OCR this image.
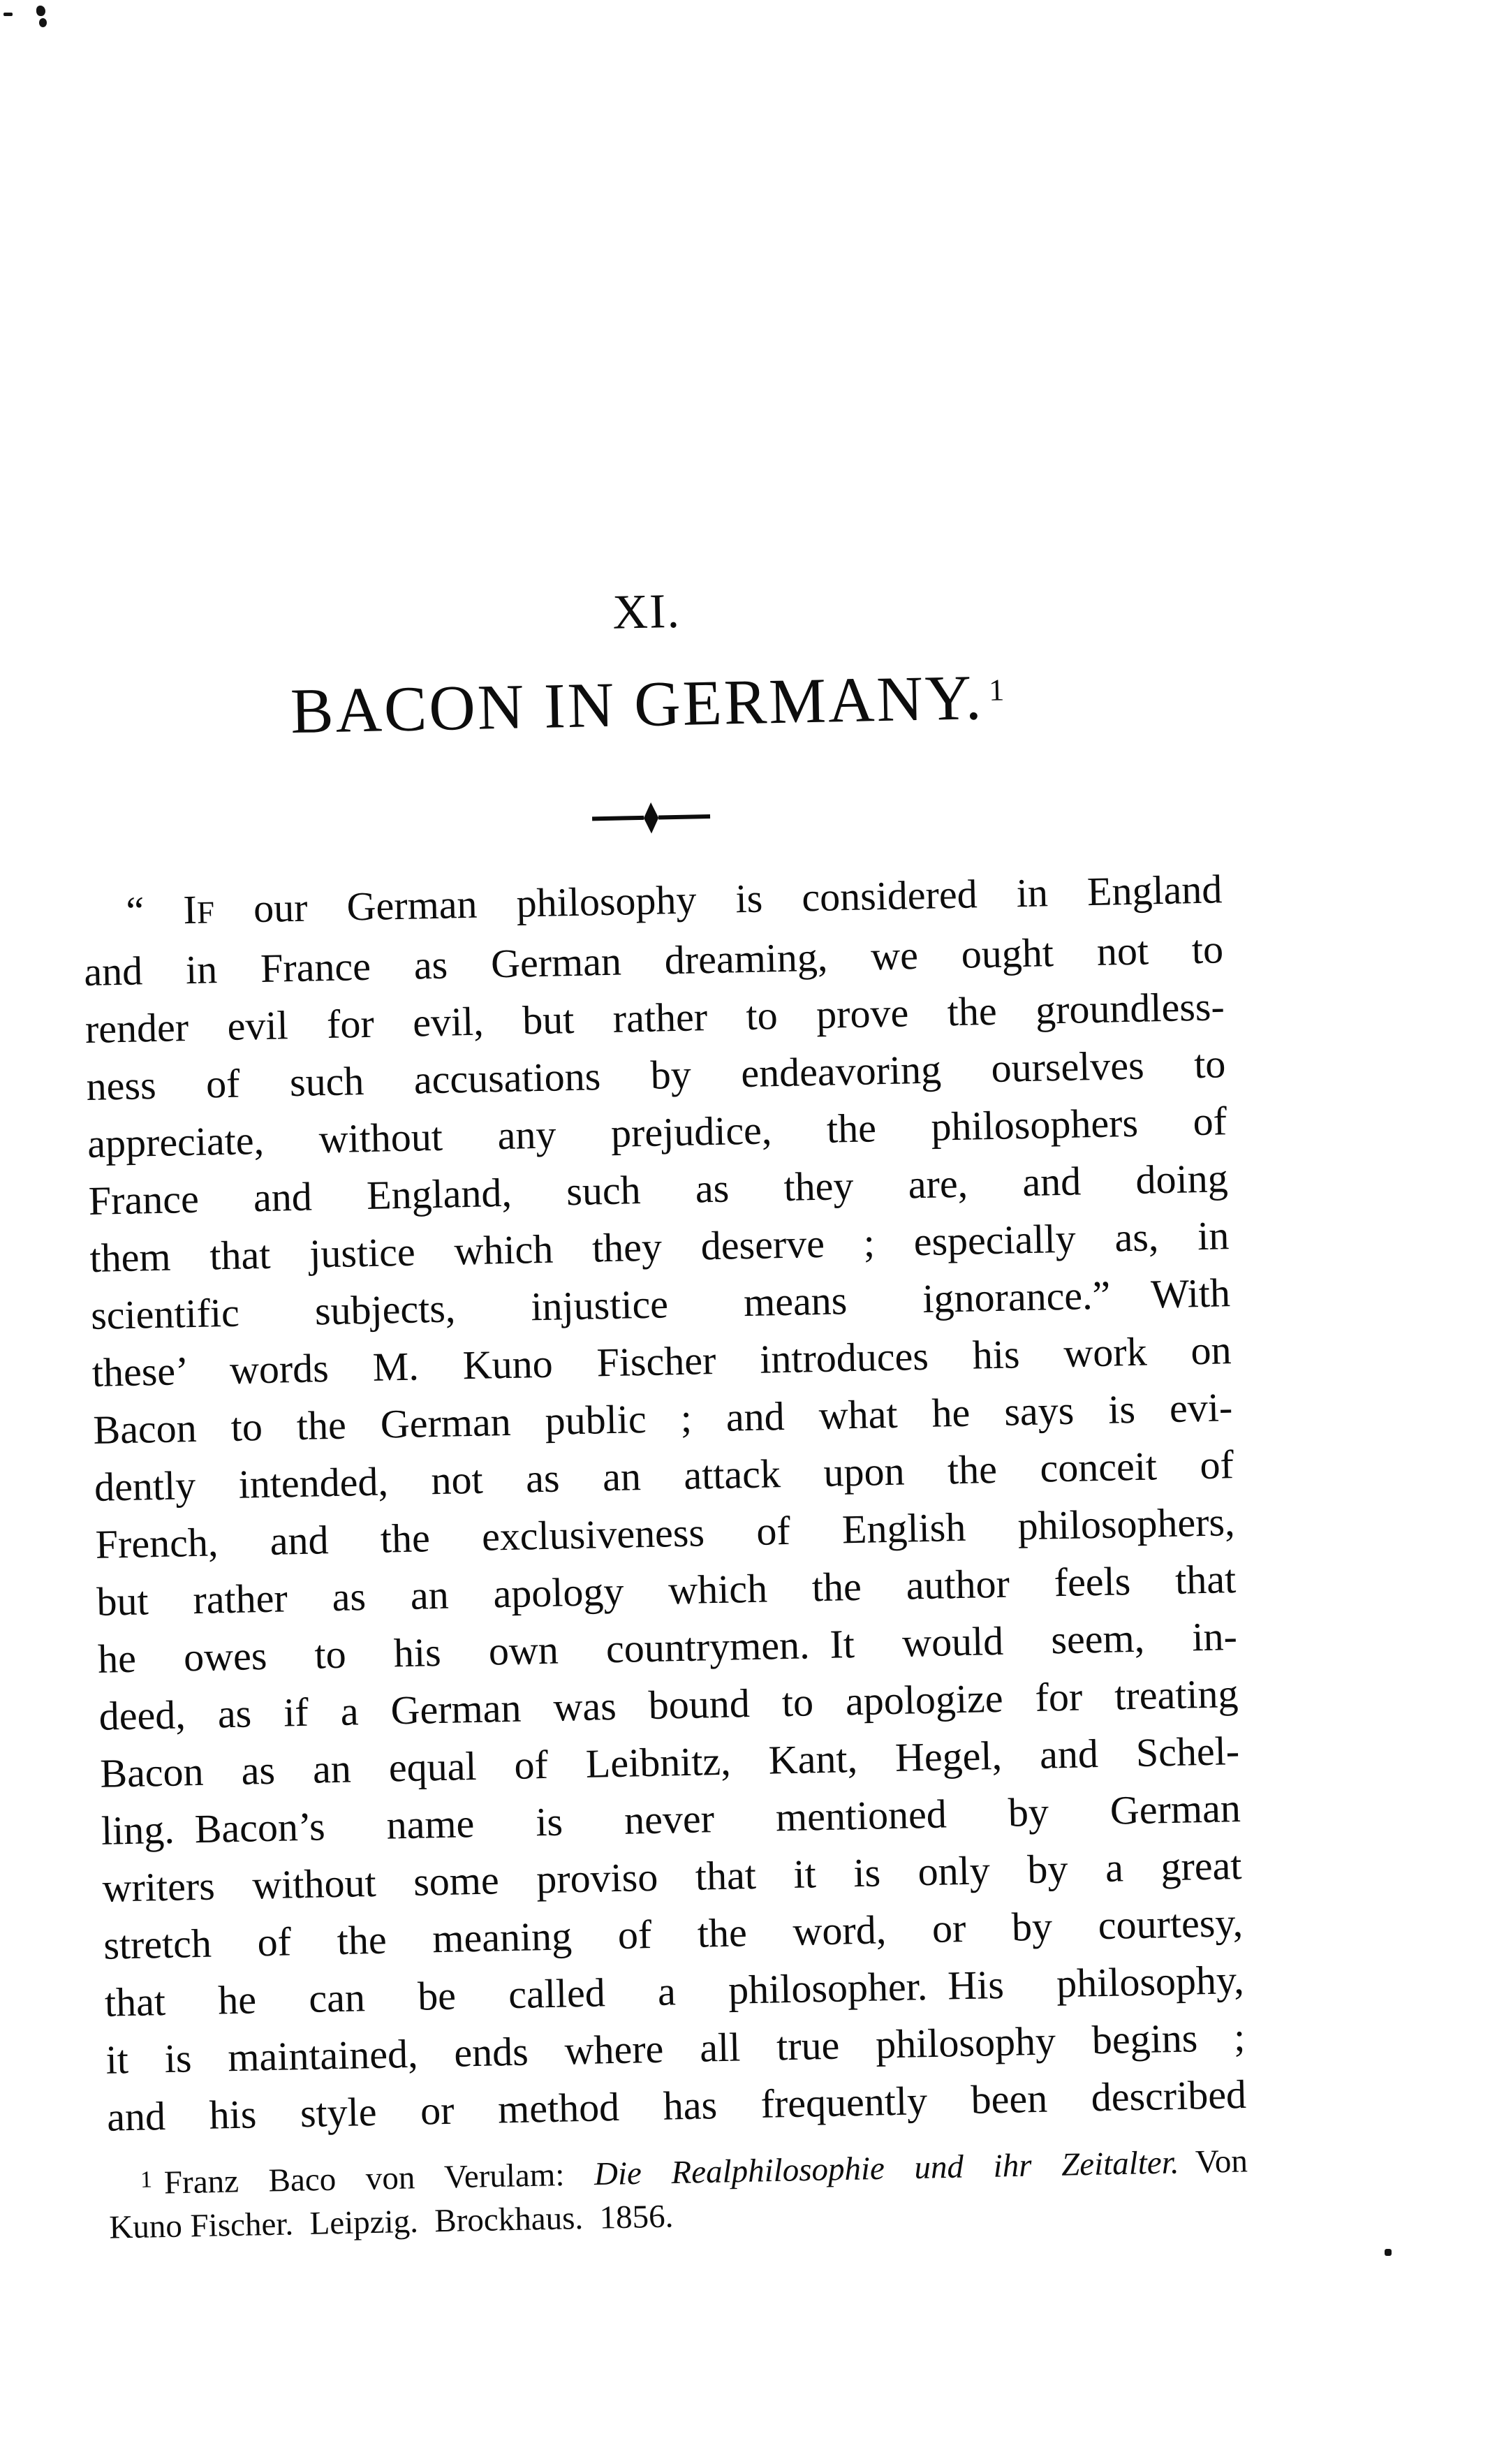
XI.
BACON IN GERMANY. $^1$
“ IF our German philosophy is considered in England
and in France as German dreaming, we ought not to
render evil for evil, but rather to prove the groundless-
ness of such accusations by endeavoring ourselves to
appreciate, without any prejudice, the philosophers of
France and England, such as they are, and doing
them that justice which they deserve ; especially as, in
scientific subjects, injustice means ignorance.” With
these’ words M. Kuno Fischer introduces his work on
Bacon to the German public ; and what he says is evi-
dently intended, not as an attack upon the conceit of
French, and the exclusiveness of English philosophers,
but rather as an apology which the author feels that
he owes to his own countrymen. It would seem, in-
deed, as if a German was bound to apologize for treating
Bacon as an equal of Leibnitz, Kant, Hegel, and Schel-
ling. Bacon’s name is never mentioned by German
writers without some proviso that it is only by a great
stretch of the meaning of the word, or by courtesy,
that he can be called a philosopher. His philosophy,
it is maintained, ends where all true philosophy begins ;
and his style or method has frequently been described
$^1$ Franz Baco von Verulam: Die Realphilosophie und ihr Zeitalter. Von
Kuno Fischer. Leipzig. Brockhaus. 1856.
